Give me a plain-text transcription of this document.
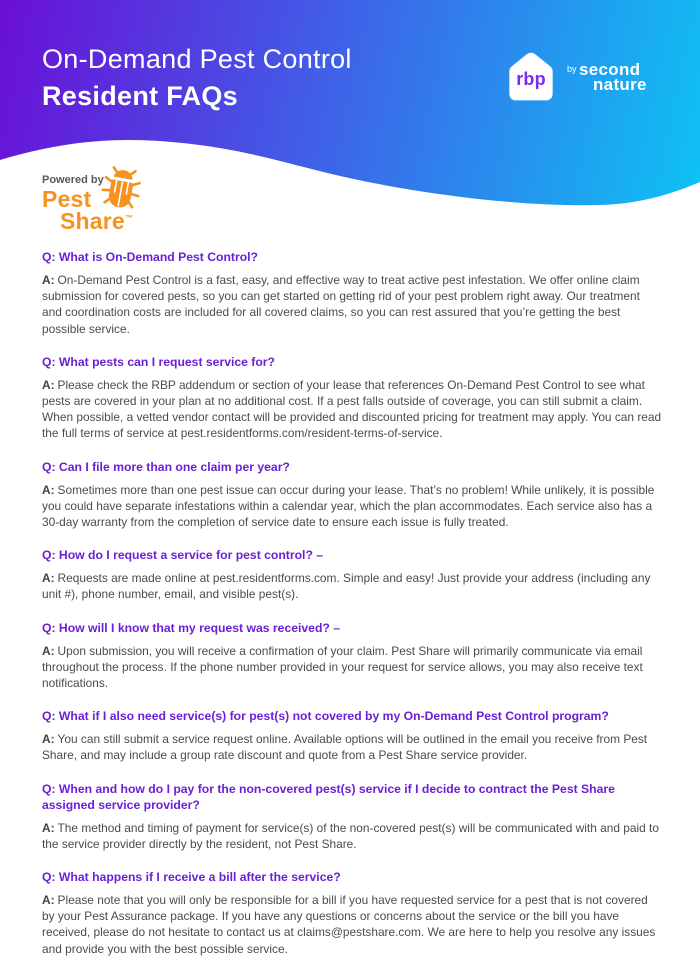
On-Demand Pest Control
Resident FAQs
rbp	by second
nature
Powered by
Pest
Share™
Q: What is On-Demand Pest Control?

A: On-Demand Pest Control is a fast, easy, and effective way to treat active pest infestation. We offer online claim submission for covered pests, so you can get started on getting rid of your pest problem right away. Our treatment and coordination costs are included for all covered claims, so you can rest assured that you’re getting the best possible service.

Q: What pests can I request service for?

A: Please check the RBP addendum or section of your lease that references On-Demand Pest Control to see what pests are covered in your plan at no additional cost. If a pest falls outside of coverage, you can still submit a claim. When possible, a vetted vendor contact will be provided and discounted pricing for treatment may apply. You can read the full terms of service at pest.residentforms.com/resident-terms-of-service.

Q: Can I file more than one claim per year?

A: Sometimes more than one pest issue can occur during your lease. That’s no problem! While unlikely, it is possible you could have separate infestations within a calendar year, which the plan accommodates. Each service also has a 30-day warranty from the completion of service date to ensure each issue is fully treated.

Q: How do I request a service for pest control? –

A: Requests are made online at pest.residentforms.com. Simple and easy! Just provide your address (including any unit #), phone number, email, and visible pest(s).

Q: How will I know that my request was received? –

A: Upon submission, you will receive a confirmation of your claim. Pest Share will primarily communicate via email throughout the process. If the phone number provided in your request for service allows, you may also receive text notifications.

Q: What if I also need service(s) for pest(s) not covered by my On-Demand Pest Control program?

A: You can still submit a service request online. Available options will be outlined in the email you receive from Pest Share, and may include a group rate discount and quote from a Pest Share service provider.

Q: When and how do I pay for the non-covered pest(s) service if I decide to contract the Pest Share assigned service provider?

A: The method and timing of payment for service(s) of the non-covered pest(s) will be communicated with and paid to the service provider directly by the resident, not Pest Share.

Q: What happens if I receive a bill after the service?

A: Please note that you will only be responsible for a bill if you have requested service for a pest that is not covered by your Pest Assurance package. If you have any questions or concerns about the service or the bill you have received, please do not hesitate to contact us at claims@pestshare.com. We are here to help you resolve any issues and provide you with the best possible service.
